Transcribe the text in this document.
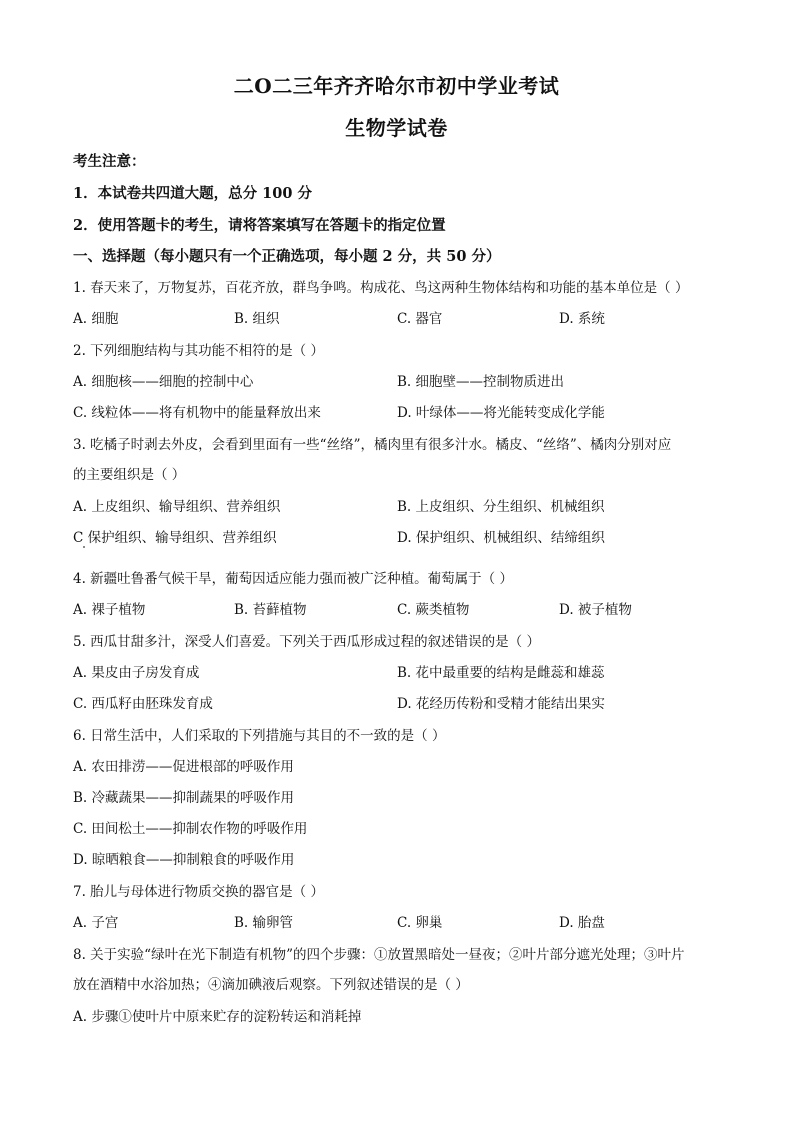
二O二三年齐齐哈尔市初中学业考试
生物学试卷
考生注意：
1．本试卷共四道大题，总分 100 分
2．使用答题卡的考生，请将答案填写在答题卡的指定位置
一、选择题（每小题只有一个正确选项，每小题 2 分，共 50 分）
1. 春天来了，万物复苏，百花齐放，群鸟争鸣。构成花、鸟这两种生物体结构和功能的基本单位是（ ）
A. 细胞	B. 组织	C. 器官	D. 系统
2. 下列细胞结构与其功能不相符的是（ ）
A. 细胞核——细胞的控制中心	B. 细胞壁——控制物质进出
C. 线粒体——将有机物中的能量释放出来	D. 叶绿体——将光能转变成化学能
3. 吃橘子时剥去外皮，会看到里面有一些“丝络”，橘肉里有很多汁水。橘皮、“丝络”、橘肉分别对应
的主要组织是（ ）
A. 上皮组织、输导组织、营养组织	B. 上皮组织、分生组织、机械组织
C 保护组织、输导组织、营养组织	D. 保护组织、机械组织、结缔组织
4. 新疆吐鲁番气候干旱，葡萄因适应能力强而被广泛种植。葡萄属于（ ）
A. 裸子植物	B. 苔藓植物	C. 蕨类植物	D. 被子植物
5. 西瓜甘甜多汁，深受人们喜爱。下列关于西瓜形成过程的叙述错误的是（ ）
A. 果皮由子房发育成	B. 花中最重要的结构是雌蕊和雄蕊
C. 西瓜籽由胚珠发育成	D. 花经历传粉和受精才能结出果实
6. 日常生活中，人们采取的下列措施与其目的不一致的是（ ）
A. 农田排涝——促进根部的呼吸作用
B. 冷藏蔬果——抑制蔬果的呼吸作用
C. 田间松土——抑制农作物的呼吸作用
D. 晾晒粮食——抑制粮食的呼吸作用
7. 胎儿与母体进行物质交换的器官是（ ）
A. 子宫	B. 输卵管	C. 卵巢	D. 胎盘
8. 关于实验“绿叶在光下制造有机物”的四个步骤：①放置黑暗处一昼夜；②叶片部分遮光处理；③叶片
放在酒精中水浴加热；④滴加碘液后观察。下列叙述错误的是（ ）
A. 步骤①使叶片中原来贮存的淀粉转运和消耗掉
